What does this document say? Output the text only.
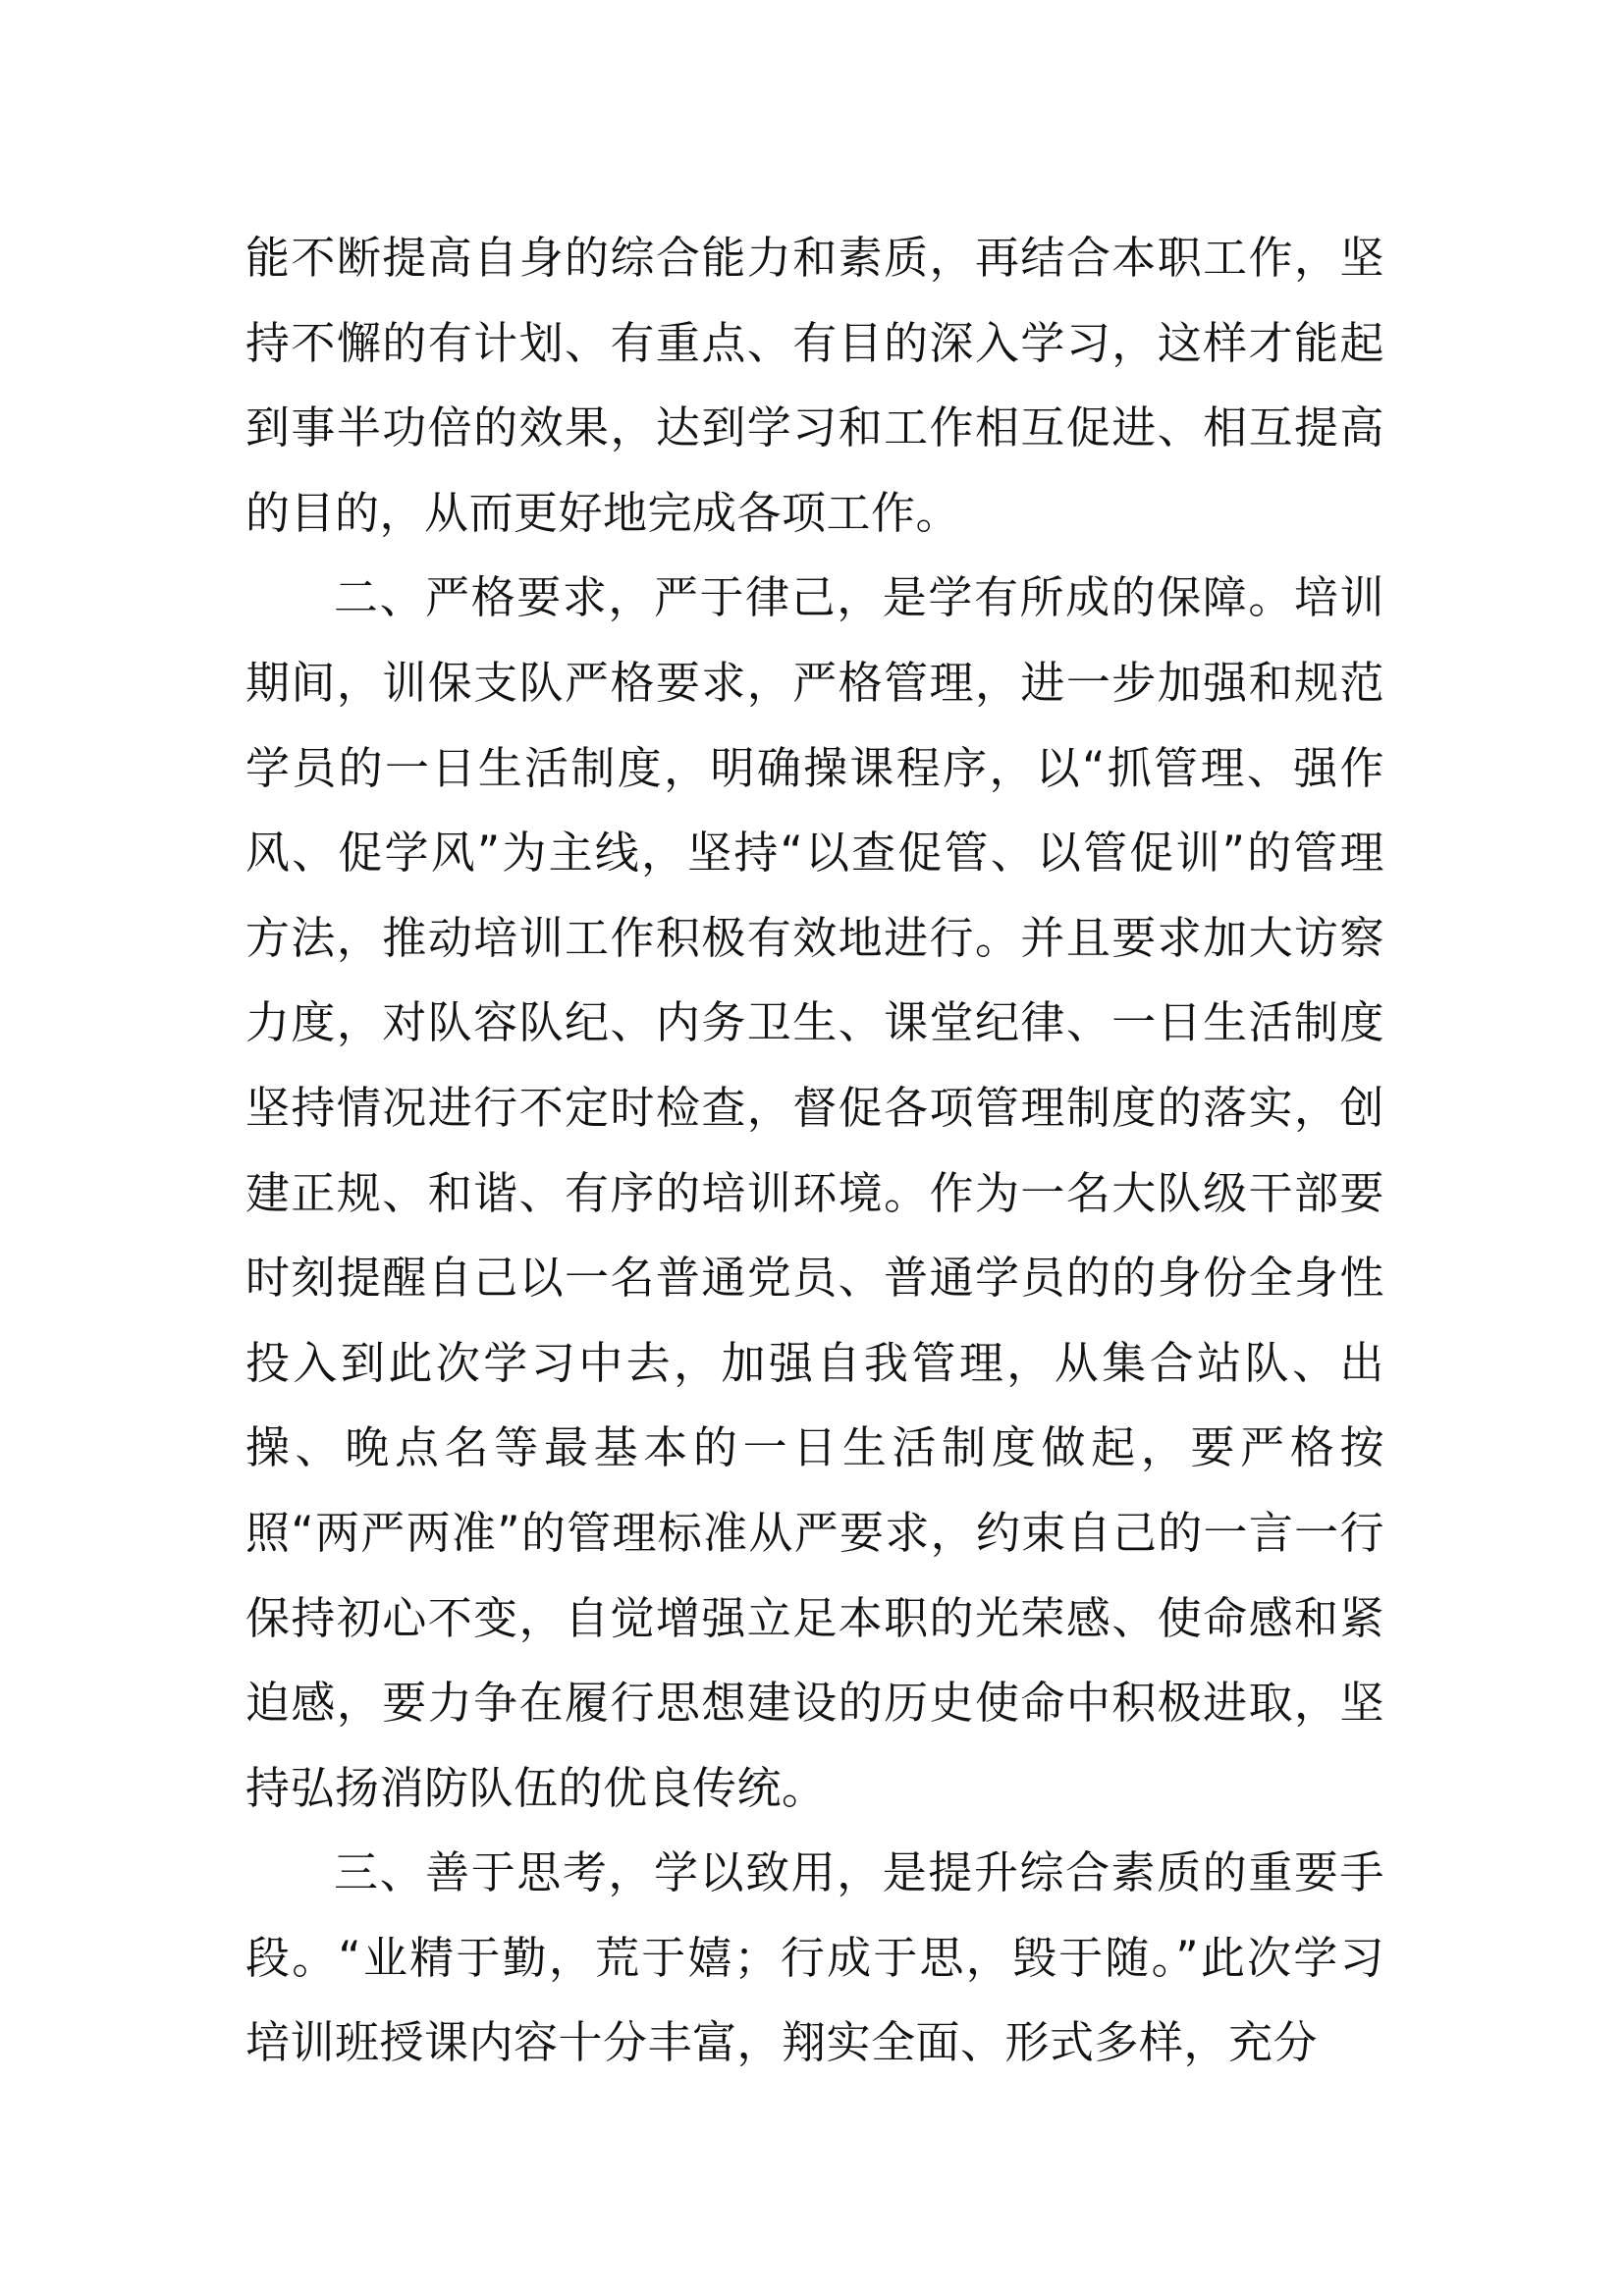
能不断提高自身的综合能力和素质，再结合本职工作，坚持不懈的有计划、有重点、有目的深入学习，这样才能起到事半功倍的效果，达到学习和工作相互促进、相互提高的目的，从而更好地完成各项工作。

二、严格要求，严于律己，是学有所成的保障。培训期间，训保支队严格要求，严格管理，进一步加强和规范学员的一日生活制度，明确操课程序，以“抓管理、强作风、促学风”为主线，坚持“以查促管、以管促训”的管理方法，推动培训工作积极有效地进行。并且要求加大访察力度，对队容队纪、内务卫生、课堂纪律、一日生活制度坚持情况进行不定时检查，督促各项管理制度的落实，创建正规、和谐、有序的培训环境。作为一名大队级干部要时刻提醒自己以一名普通党员、普通学员的的身份全身性投入到此次学习中去，加强自我管理，从集合站队、出操、晚点名等最基本的一日生活制度做起，要严格按照“两严两准”的管理标准从严要求，约束自己的一言一行保持初心不变，自觉增强立足本职的光荣感、使命感和紧迫感，要力争在履行思想建设的历史使命中积极进取，坚持弘扬消防队伍的优良传统。

三、善于思考，学以致用，是提升综合素质的重要手段。“业精于勤，荒于嬉；行成于思，毁于随。”此次学习培训班授课内容十分丰富，翔实全面、形式多样，充分
